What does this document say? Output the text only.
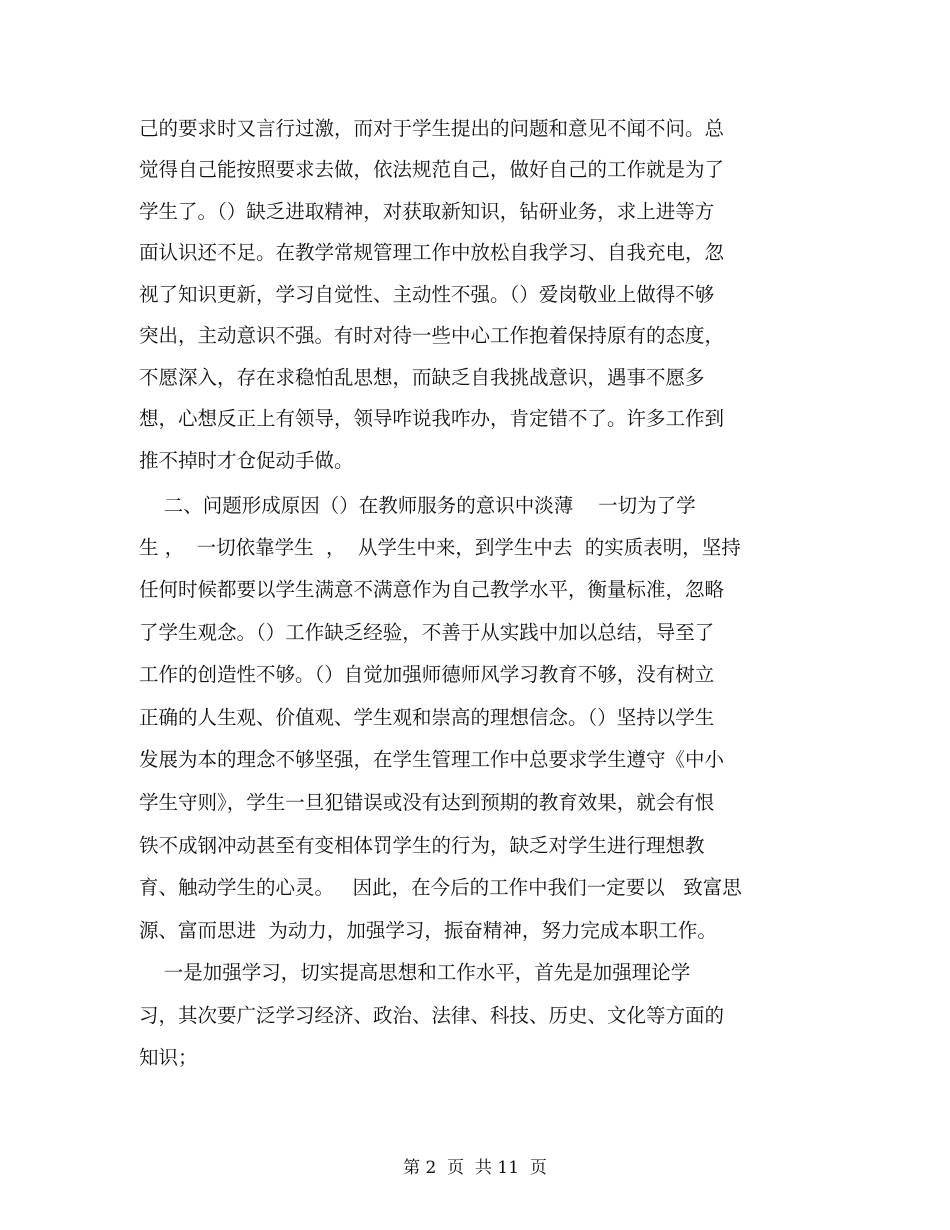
己的要求时又言行过激，而对于学生提出的问题和意见不闻不问。总
觉得自己能按照要求去做，依法规范自己，做好自己的工作就是为了
学生了。（）缺乏进取精神，对获取新知识，钻研业务，求上进等方
面认识还不足。在教学常规管理工作中放松自我学习、自我充电，忽
视了知识更新，学习自觉性、主动性不强。（）爱岗敬业上做得不够
突出，主动意识不强。有时对待一些中心工作抱着保持原有的态度，
不愿深入，存在求稳怕乱思想，而缺乏自我挑战意识，遇事不愿多
想，心想反正上有领导，领导咋说我咋办，肯定错不了。许多工作到
推不掉时才仓促动手做。
二、问题形成原因（）在教师服务的意识中淡薄    一切为了学
生 ，  一切依靠学生  ，  从学生中来，到学生中去  的实质表明，坚持
任何时候都要以学生满意不满意作为自己教学水平，衡量标准，忽略
了学生观念。（）工作缺乏经验，不善于从实践中加以总结，导至了
工作的创造性不够。（）自觉加强师德师风学习教育不够，没有树立
正确的人生观、价值观、学生观和崇高的理想信念。（）坚持以学生
发展为本的理念不够坚强，在学生管理工作中总要求学生遵守《中小
学生守则》，学生一旦犯错误或没有达到预期的教育效果，就会有恨
铁不成钢冲动甚至有变相体罚学生的行为，缺乏对学生进行理想教
育、触动学生的心灵。   因此，在今后的工作中我们一定要以   致富思
源、富而思进  为动力，加强学习，振奋精神，努力完成本职工作。
一是加强学习，切实提高思想和工作水平，首先是加强理论学
习，其次要广泛学习经济、政治、法律、科技、历史、文化等方面的
知识；
第 2  页  共 11  页
